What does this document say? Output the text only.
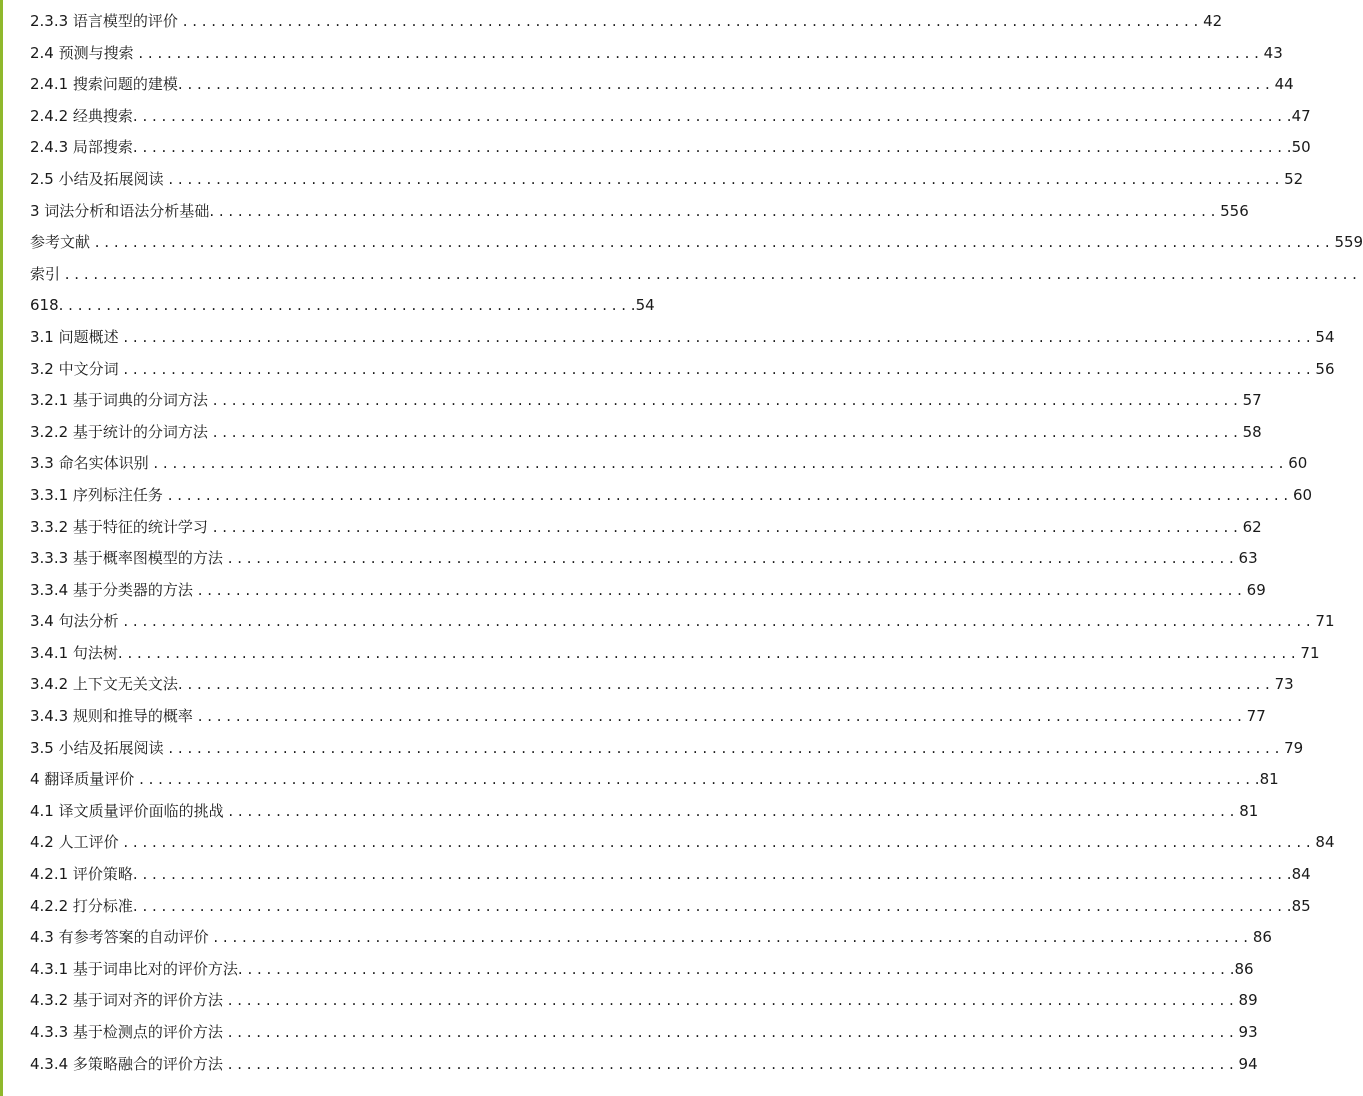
2.3.3 语言模型的评价 . . . . . . . . . . . . . . . . . . . . . . . . . . . . . . . . . . . . . . . . . . . . . . . . . . . . . . . . . . . . . . . . . . . . . . . . . . . . . . . . . . . . . . . . . . . . . . . . . . . . . . . . . . . 42
2.4 预测与搜索 . . . . . . . . . . . . . . . . . . . . . . . . . . . . . . . . . . . . . . . . . . . . . . . . . . . . . . . . . . . . . . . . . . . . . . . . . . . . . . . . . . . . . . . . . . . . . . . . . . . . . . . . . . . . . . . . . . . . . . 43
2.4.1 搜索问题的建模. . . . . . . . . . . . . . . . . . . . . . . . . . . . . . . . . . . . . . . . . . . . . . . . . . . . . . . . . . . . . . . . . . . . . . . . . . . . . . . . . . . . . . . . . . . . . . . . . . . . . . . . . . . . . . . . . . . 44
2.4.2 经典搜索. . . . . . . . . . . . . . . . . . . . . . . . . . . . . . . . . . . . . . . . . . . . . . . . . . . . . . . . . . . . . . . . . . . . . . . . . . . . . . . . . . . . . . . . . . . . . . . . . . . . . . . . . . . . . . . . . . . . . . . . . .47
2.4.3 局部搜索. . . . . . . . . . . . . . . . . . . . . . . . . . . . . . . . . . . . . . . . . . . . . . . . . . . . . . . . . . . . . . . . . . . . . . . . . . . . . . . . . . . . . . . . . . . . . . . . . . . . . . . . . . . . . . . . . . . . . . . . . .50
2.5 小结及拓展阅读 . . . . . . . . . . . . . . . . . . . . . . . . . . . . . . . . . . . . . . . . . . . . . . . . . . . . . . . . . . . . . . . . . . . . . . . . . . . . . . . . . . . . . . . . . . . . . . . . . . . . . . . . . . . . . . . . . . . . . 52
3 词法分析和语法分析基础. . . . . . . . . . . . . . . . . . . . . . . . . . . . . . . . . . . . . . . . . . . . . . . . . . . . . . . . . . . . . . . . . . . . . . . . . . . . . . . . . . . . . . . . . . . . . . . . . . . . . . . . . . 556
参考文献 . . . . . . . . . . . . . . . . . . . . . . . . . . . . . . . . . . . . . . . . . . . . . . . . . . . . . . . . . . . . . . . . . . . . . . . . . . . . . . . . . . . . . . . . . . . . . . . . . . . . . . . . . . . . . . . . . . . . . . . . . . . . . . . . . . 559
索引 . . . . . . . . . . . . . . . . . . . . . . . . . . . . . . . . . . . . . . . . . . . . . . . . . . . . . . . . . . . . . . . . . . . . . . . . . . . . . . . . . . . . . . . . . . . . . . . . . . . . . . . . . . . . . . . . . . . . . . . . . . . . . . . . . . . . . . . .
618. . . . . . . . . . . . . . . . . . . . . . . . . . . . . . . . . . . . . . . . . . . . . . . . . . . . . . . . . . . . .54
3.1 问题概述 . . . . . . . . . . . . . . . . . . . . . . . . . . . . . . . . . . . . . . . . . . . . . . . . . . . . . . . . . . . . . . . . . . . . . . . . . . . . . . . . . . . . . . . . . . . . . . . . . . . . . . . . . . . . . . . . . . . . . . . . . . . . . 54
3.2 中文分词 . . . . . . . . . . . . . . . . . . . . . . . . . . . . . . . . . . . . . . . . . . . . . . . . . . . . . . . . . . . . . . . . . . . . . . . . . . . . . . . . . . . . . . . . . . . . . . . . . . . . . . . . . . . . . . . . . . . . . . . . . . . . . 56
3.2.1 基于词典的分词方法 . . . . . . . . . . . . . . . . . . . . . . . . . . . . . . . . . . . . . . . . . . . . . . . . . . . . . . . . . . . . . . . . . . . . . . . . . . . . . . . . . . . . . . . . . . . . . . . . . . . . . . . . . . . . 57
3.2.2 基于统计的分词方法 . . . . . . . . . . . . . . . . . . . . . . . . . . . . . . . . . . . . . . . . . . . . . . . . . . . . . . . . . . . . . . . . . . . . . . . . . . . . . . . . . . . . . . . . . . . . . . . . . . . . . . . . . . . . 58
3.3 命名实体识别 . . . . . . . . . . . . . . . . . . . . . . . . . . . . . . . . . . . . . . . . . . . . . . . . . . . . . . . . . . . . . . . . . . . . . . . . . . . . . . . . . . . . . . . . . . . . . . . . . . . . . . . . . . . . . . . . . . . . . . . 60
3.3.1 序列标注任务 . . . . . . . . . . . . . . . . . . . . . . . . . . . . . . . . . . . . . . . . . . . . . . . . . . . . . . . . . . . . . . . . . . . . . . . . . . . . . . . . . . . . . . . . . . . . . . . . . . . . . . . . . . . . . . . . . . . . . . 60
3.3.2 基于特征的统计学习 . . . . . . . . . . . . . . . . . . . . . . . . . . . . . . . . . . . . . . . . . . . . . . . . . . . . . . . . . . . . . . . . . . . . . . . . . . . . . . . . . . . . . . . . . . . . . . . . . . . . . . . . . . . . 62
3.3.3 基于概率图模型的方法 . . . . . . . . . . . . . . . . . . . . . . . . . . . . . . . . . . . . . . . . . . . . . . . . . . . . . . . . . . . . . . . . . . . . . . . . . . . . . . . . . . . . . . . . . . . . . . . . . . . . . . . . . . 63
3.3.4 基于分类器的方法 . . . . . . . . . . . . . . . . . . . . . . . . . . . . . . . . . . . . . . . . . . . . . . . . . . . . . . . . . . . . . . . . . . . . . . . . . . . . . . . . . . . . . . . . . . . . . . . . . . . . . . . . . . . . . . 69
3.4 句法分析 . . . . . . . . . . . . . . . . . . . . . . . . . . . . . . . . . . . . . . . . . . . . . . . . . . . . . . . . . . . . . . . . . . . . . . . . . . . . . . . . . . . . . . . . . . . . . . . . . . . . . . . . . . . . . . . . . . . . . . . . . . . . . 71
3.4.1 句法树. . . . . . . . . . . . . . . . . . . . . . . . . . . . . . . . . . . . . . . . . . . . . . . . . . . . . . . . . . . . . . . . . . . . . . . . . . . . . . . . . . . . . . . . . . . . . . . . . . . . . . . . . . . . . . . . . . . . . . . . . . . . 71
3.4.2 上下文无关文法. . . . . . . . . . . . . . . . . . . . . . . . . . . . . . . . . . . . . . . . . . . . . . . . . . . . . . . . . . . . . . . . . . . . . . . . . . . . . . . . . . . . . . . . . . . . . . . . . . . . . . . . . . . . . . . . . . . 73
3.4.3 规则和推导的概率 . . . . . . . . . . . . . . . . . . . . . . . . . . . . . . . . . . . . . . . . . . . . . . . . . . . . . . . . . . . . . . . . . . . . . . . . . . . . . . . . . . . . . . . . . . . . . . . . . . . . . . . . . . . . . . 77
3.5 小结及拓展阅读 . . . . . . . . . . . . . . . . . . . . . . . . . . . . . . . . . . . . . . . . . . . . . . . . . . . . . . . . . . . . . . . . . . . . . . . . . . . . . . . . . . . . . . . . . . . . . . . . . . . . . . . . . . . . . . . . . . . . . 79
4 翻译质量评价 . . . . . . . . . . . . . . . . . . . . . . . . . . . . . . . . . . . . . . . . . . . . . . . . . . . . . . . . . . . . . . . . . . . . . . . . . . . . . . . . . . . . . . . . . . . . . . . . . . . . . . . . . . . . . . . . . . . . . .81
4.1 译文质量评价面临的挑战 . . . . . . . . . . . . . . . . . . . . . . . . . . . . . . . . . . . . . . . . . . . . . . . . . . . . . . . . . . . . . . . . . . . . . . . . . . . . . . . . . . . . . . . . . . . . . . . . . . . . . . . . . . 81
4.2 人工评价 . . . . . . . . . . . . . . . . . . . . . . . . . . . . . . . . . . . . . . . . . . . . . . . . . . . . . . . . . . . . . . . . . . . . . . . . . . . . . . . . . . . . . . . . . . . . . . . . . . . . . . . . . . . . . . . . . . . . . . . . . . . . . 84
4.2.1 评价策略. . . . . . . . . . . . . . . . . . . . . . . . . . . . . . . . . . . . . . . . . . . . . . . . . . . . . . . . . . . . . . . . . . . . . . . . . . . . . . . . . . . . . . . . . . . . . . . . . . . . . . . . . . . . . . . . . . . . . . . . . .84
4.2.2 打分标准. . . . . . . . . . . . . . . . . . . . . . . . . . . . . . . . . . . . . . . . . . . . . . . . . . . . . . . . . . . . . . . . . . . . . . . . . . . . . . . . . . . . . . . . . . . . . . . . . . . . . . . . . . . . . . . . . . . . . . . . . .85
4.3 有参考答案的自动评价 . . . . . . . . . . . . . . . . . . . . . . . . . . . . . . . . . . . . . . . . . . . . . . . . . . . . . . . . . . . . . . . . . . . . . . . . . . . . . . . . . . . . . . . . . . . . . . . . . . . . . . . . . . . . . 86
4.3.1 基于词串比对的评价方法. . . . . . . . . . . . . . . . . . . . . . . . . . . . . . . . . . . . . . . . . . . . . . . . . . . . . . . . . . . . . . . . . . . . . . . . . . . . . . . . . . . . . . . . . . . . . . . . . . . . . . . . .86
4.3.2 基于词对齐的评价方法 . . . . . . . . . . . . . . . . . . . . . . . . . . . . . . . . . . . . . . . . . . . . . . . . . . . . . . . . . . . . . . . . . . . . . . . . . . . . . . . . . . . . . . . . . . . . . . . . . . . . . . . . . . 89
4.3.3 基于检测点的评价方法 . . . . . . . . . . . . . . . . . . . . . . . . . . . . . . . . . . . . . . . . . . . . . . . . . . . . . . . . . . . . . . . . . . . . . . . . . . . . . . . . . . . . . . . . . . . . . . . . . . . . . . . . . . 93
4.3.4 多策略融合的评价方法 . . . . . . . . . . . . . . . . . . . . . . . . . . . . . . . . . . . . . . . . . . . . . . . . . . . . . . . . . . . . . . . . . . . . . . . . . . . . . . . . . . . . . . . . . . . . . . . . . . . . . . . . . . 94
